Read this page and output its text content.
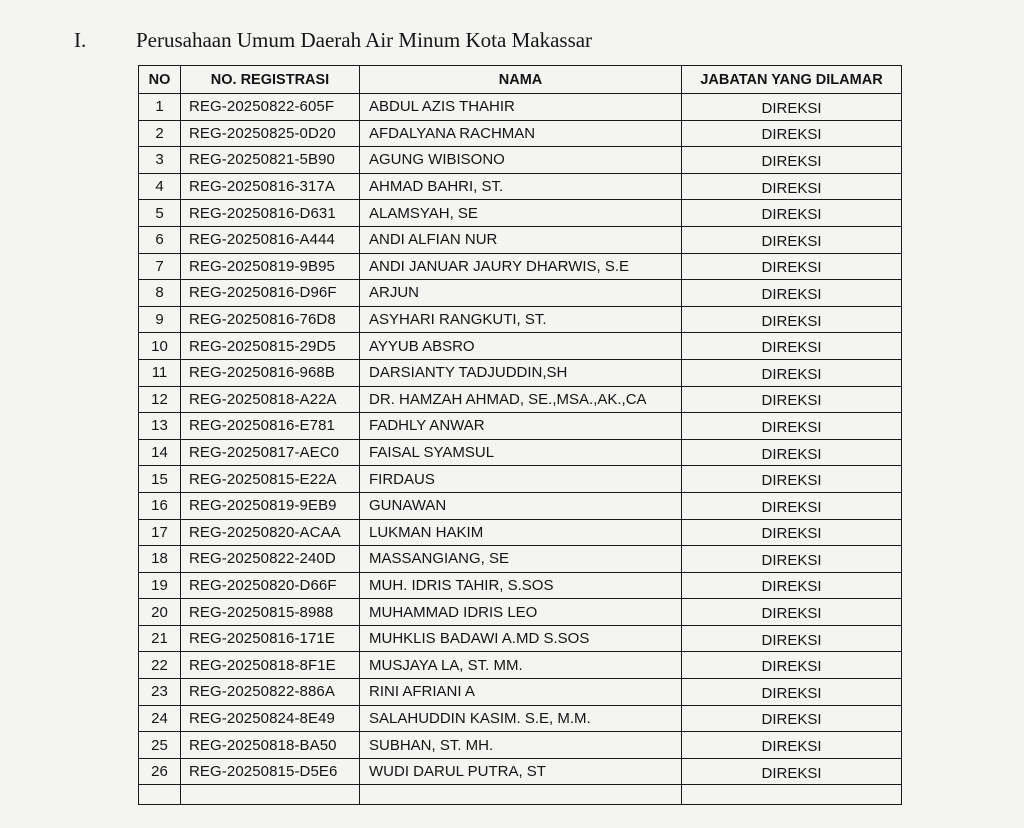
I. Perusahaan Umum Daerah Air Minum Kota Makassar
NO	NO. REGISTRASI	NAMA	JABATAN YANG DILAMAR
1	REG-20250822-605F	ABDUL AZIS THAHIR	DIREKSI
2	REG-20250825-0D20	AFDALYANA RACHMAN	DIREKSI
3	REG-20250821-5B90	AGUNG WIBISONO	DIREKSI
4	REG-20250816-317A	AHMAD BAHRI, ST.	DIREKSI
5	REG-20250816-D631	ALAMSYAH, SE	DIREKSI
6	REG-20250816-A444	ANDI ALFIAN NUR	DIREKSI
7	REG-20250819-9B95	ANDI JANUAR JAURY DHARWIS, S.E	DIREKSI
8	REG-20250816-D96F	ARJUN	DIREKSI
9	REG-20250816-76D8	ASYHARI RANGKUTI, ST.	DIREKSI
10	REG-20250815-29D5	AYYUB ABSRO	DIREKSI
11	REG-20250816-968B	DARSIANTY TADJUDDIN,SH	DIREKSI
12	REG-20250818-A22A	DR. HAMZAH AHMAD, SE.,MSA.,AK.,CA	DIREKSI
13	REG-20250816-E781	FADHLY ANWAR	DIREKSI
14	REG-20250817-AEC0	FAISAL SYAMSUL	DIREKSI
15	REG-20250815-E22A	FIRDAUS	DIREKSI
16	REG-20250819-9EB9	GUNAWAN	DIREKSI
17	REG-20250820-ACAA	LUKMAN HAKIM	DIREKSI
18	REG-20250822-240D	MASSANGIANG, SE	DIREKSI
19	REG-20250820-D66F	MUH. IDRIS TAHIR, S.SOS	DIREKSI
20	REG-20250815-8988	MUHAMMAD IDRIS LEO	DIREKSI
21	REG-20250816-171E	MUHKLIS BADAWI A.MD S.SOS	DIREKSI
22	REG-20250818-8F1E	MUSJAYA LA, ST. MM.	DIREKSI
23	REG-20250822-886A	RINI AFRIANI A	DIREKSI
24	REG-20250824-8E49	SALAHUDDIN KASIM. S.E, M.M.	DIREKSI
25	REG-20250818-BA50	SUBHAN, ST. MH.	DIREKSI
26	REG-20250815-D5E6	WUDI DARUL PUTRA, ST	DIREKSI
